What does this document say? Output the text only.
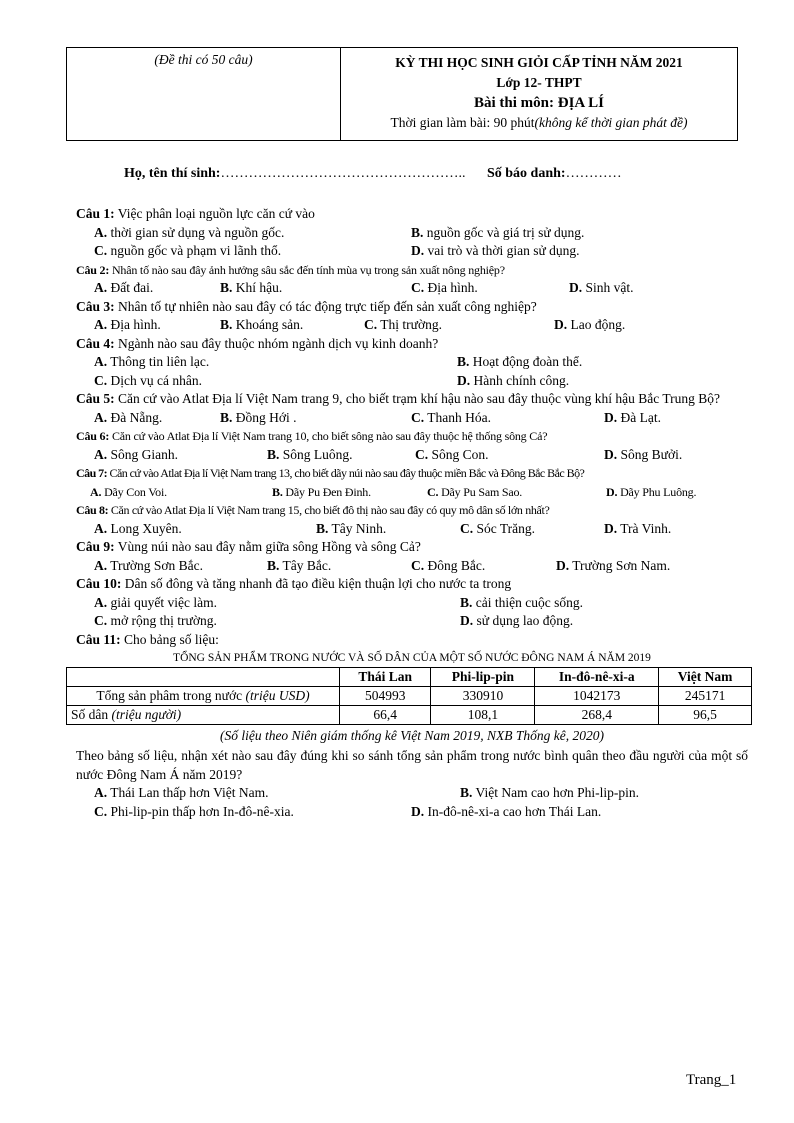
(Đề thi có 50 câu)	KỲ THI HỌC SINH GIỎI CẤP TỈNH NĂM 2021
Lớp 12- THPT
Bài thi môn: ĐỊA LÍ
Thời gian làm bài: 90 phút(không kể thời gian phát đề)
Họ, tên thí sinh:…………………………………………….. Số báo danh:…………
Câu 1: Việc phân loại nguồn lực căn cứ vào
A. thời gian sử dụng và nguồn gốc.	B. nguồn gốc và giá trị sử dụng.
C. nguồn gốc và phạm vi lãnh thổ.	D. vai trò và thời gian sử dụng.
Câu 2: Nhân tố nào sau đây ảnh hưởng sâu sắc đến tính mùa vụ trong sản xuất nông nghiệp?
A. Đất đai.	B. Khí hậu.	C. Địa hình.	D. Sinh vật.
Câu 3: Nhân tố tự nhiên nào sau đây có tác động trực tiếp đến sản xuất công nghiệp?
A. Địa hình.	B. Khoáng sản.	C. Thị trường.	D. Lao động.
Câu 4: Ngành nào sau đây thuộc nhóm ngành dịch vụ kinh doanh?
A. Thông tin liên lạc.	B. Hoạt động đoàn thể.
C. Dịch vụ cá nhân.	D. Hành chính công.
Câu 5: Căn cứ vào Atlat Địa lí Việt Nam trang 9, cho biết trạm khí hậu nào sau đây thuộc vùng khí hậu Bắc Trung Bộ?
A. Đà Nẵng.	B. Đồng Hới .	C. Thanh Hóa.	D. Đà Lạt.
Câu 6: Căn cứ vào Atlat Địa lí Việt Nam trang 10, cho biết sông nào sau đây thuộc hệ thống sông Cả?
A. Sông Gianh.	B. Sông Luông.	C. Sông Con.	D. Sông Bưởi.
Câu 7: Căn cứ vào Atlat Địa lí Việt Nam trang 13, cho biết dãy núi nào sau đây thuộc miền Bắc và Đông Bắc Bắc Bộ?
A. Dãy Con Voi.	B. Dãy Pu Đen Đinh.	C. Dãy Pu Sam Sao.	D. Dãy Phu Luông.
Câu 8: Căn cứ vào Atlat Địa lí Việt Nam trang 15, cho biết đô thị nào sau đây có quy mô dân số lớn nhất?
A. Long Xuyên.	B. Tây Ninh.	C. Sóc Trăng.	D. Trà Vinh.
Câu 9: Vùng núi nào sau đây nằm giữa sông Hồng và sông Cả?
A. Trường Sơn Bắc.	B. Tây Bắc.	C. Đông Bắc.	D. Trường Sơn Nam.
Câu 10: Dân số đông và tăng nhanh đã tạo điều kiện thuận lợi cho nước ta trong
A. giải quyết việc làm.	B. cải thiện cuộc sống.
C. mở rộng thị trường.	D. sử dụng lao động.
Câu 11: Cho bảng số liệu:
TỔNG SẢN PHẨM TRONG NƯỚC VÀ SỐ DÂN CỦA MỘT SỐ NƯỚC ĐÔNG NAM Á NĂM 2019
	Thái Lan	Phi-lip-pin	In-đô-nê-xi-a	Việt Nam
Tổng sản phâm trong nước (triệu USD)	504993	330910	1042173	245171
Số dân (triệu người)	66,4	108,1	268,4	96,5
(Số liệu theo Niên giám thống kê Việt Nam 2019, NXB Thống kê, 2020)
Theo bảng số liệu, nhận xét nào sau đây đúng khi so sánh tổng sản phẩm trong nước bình quân theo đầu người của một số nước Đông Nam Á năm 2019?
A. Thái Lan thấp hơn Việt Nam.	B. Việt Nam cao hơn Phi-lip-pin.
C. Phi-lip-pin thấp hơn In-đô-nê-xia.	D. In-đô-nê-xi-a cao hơn Thái Lan.
Trang_1
